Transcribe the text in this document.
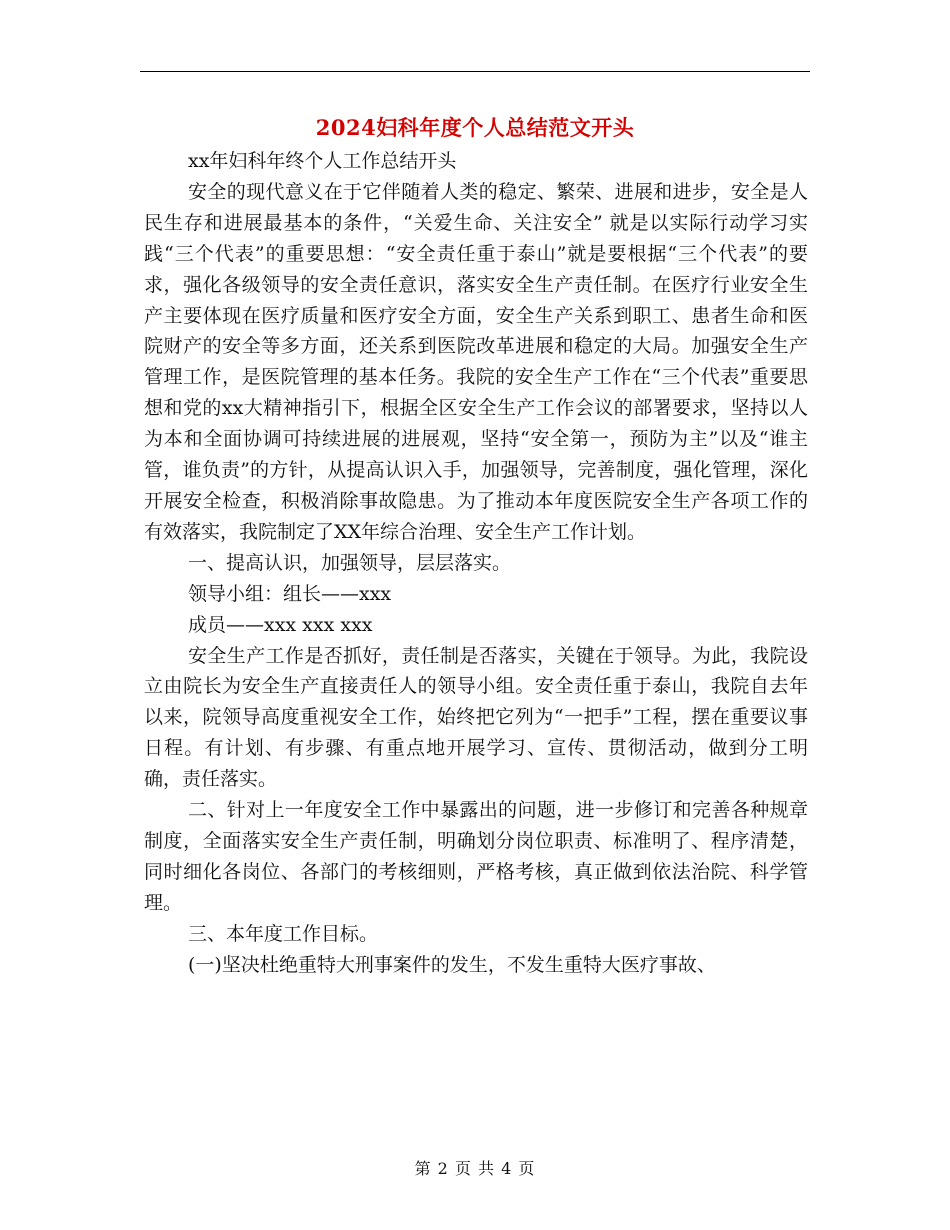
2024妇科年度个人总结范文开头

xx年妇科年终个人工作总结开头

安全的现代意义在于它伴随着人类的稳定、繁荣、进展和进步，安全是人民生存和进展最基本的条件，“关爱生命、关注安全” 就是以实际行动学习实践“三个代表”的重要思想：“安全责任重于泰山”就是要根据“三个代表”的要求，强化各级领导的安全责任意识，落实安全生产责任制。在医疗行业安全生产主要体现在医疗质量和医疗安全方面，安全生产关系到职工、患者生命和医院财产的安全等多方面，还关系到医院改革进展和稳定的大局。加强安全生产管理工作，是医院管理的基本任务。我院的安全生产工作在“三个代表”重要思想和党的xx大精神指引下，根据全区安全生产工作会议的部署要求，坚持以人为本和全面协调可持续进展的进展观，坚持“安全第一，预防为主”以及“谁主管，谁负责”的方针，从提高认识入手，加强领导，完善制度，强化管理，深化开展安全检查，积极消除事故隐患。为了推动本年度医院安全生产各项工作的有效落实，我院制定了XX年综合治理、安全生产工作计划。

一、提高认识，加强领导，层层落实。

领导小组：组长——xxx

成员——xxx xxx xxx

安全生产工作是否抓好，责任制是否落实，关键在于领导。为此，我院设立由院长为安全生产直接责任人的领导小组。安全责任重于泰山，我院自去年以来，院领导高度重视安全工作，始终把它列为“一把手”工程，摆在重要议事日程。有计划、有步骤、有重点地开展学习、宣传、贯彻活动，做到分工明确，责任落实。

二、针对上一年度安全工作中暴露出的问题，进一步修订和完善各种规章制度，全面落实安全生产责任制，明确划分岗位职责、标准明了、程序清楚，同时细化各岗位、各部门的考核细则，严格考核，真正做到依法治院、科学管理。

三、本年度工作目标。

(一)坚决杜绝重特大刑事案件的发生，不发生重特大医疗事故、

第 2 页 共 4 页
